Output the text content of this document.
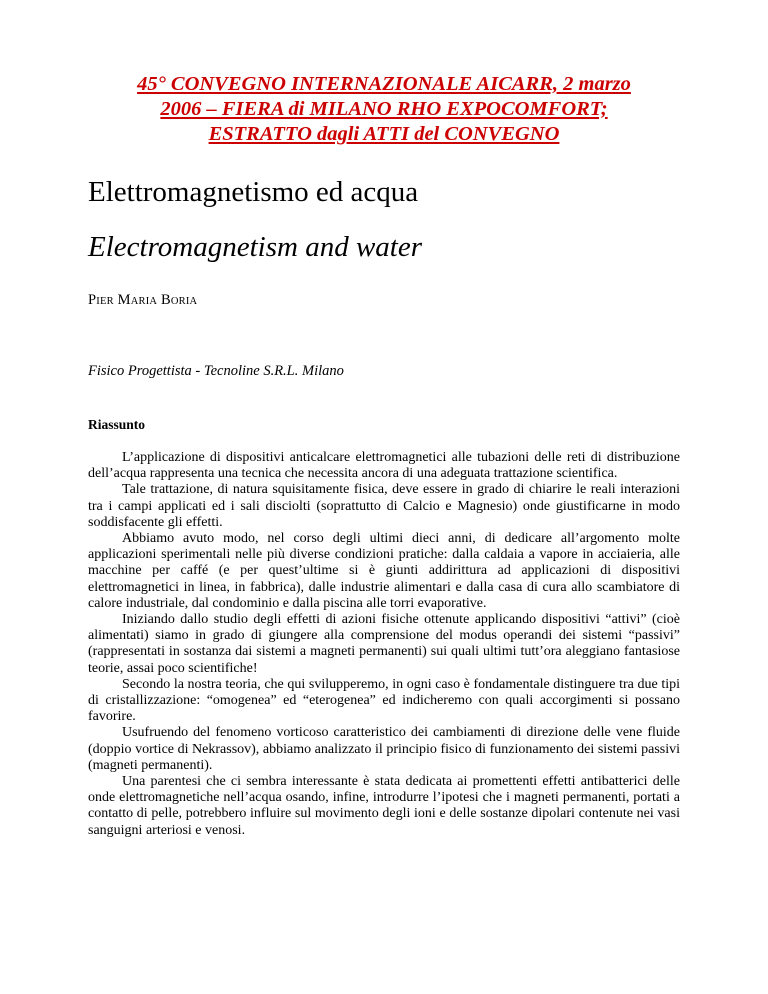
45° CONVEGNO INTERNAZIONALE AICARR, 2 marzo
2006 – FIERA di MILANO RHO EXPOCOMFORT;
ESTRATTO dagli ATTI del CONVEGNO
Elettromagnetismo ed acqua
Electromagnetism and water
PIER MARIA BORIA
Fisico Progettista - Tecnoline S.R.L. Milano
Riassunto

L’applicazione di dispositivi anticalcare elettromagnetici alle tubazioni delle reti di distribuzione dell’acqua rappresenta una tecnica che necessita ancora di una adeguata trattazione scientifica.

Tale trattazione, di natura squisitamente fisica, deve essere in grado di chiarire le reali interazioni tra i campi applicati ed i sali disciolti (soprattutto di Calcio e Magnesio) onde giustificarne in modo soddisfacente gli effetti.

Abbiamo avuto modo, nel corso degli ultimi dieci anni, di dedicare all’argomento molte applicazioni sperimentali nelle più diverse condizioni pratiche: dalla caldaia a vapore in acciaieria, alle macchine per caffé (e per quest’ultime si è giunti addirittura ad applicazioni di dispositivi elettromagnetici in linea, in fabbrica), dalle industrie alimentari e dalla casa di cura allo scambiatore di calore industriale, dal condominio e dalla piscina alle torri evaporative.

Iniziando dallo studio degli effetti di azioni fisiche ottenute applicando dispositivi “attivi” (cioè alimentati) siamo in grado di giungere alla comprensione del modus operandi dei sistemi “passivi” (rappresentati in sostanza dai sistemi a magneti permanenti) sui quali ultimi tutt’ora aleggiano fantasiose teorie, assai poco scientifiche!

Secondo la nostra teoria, che qui svilupperemo, in ogni caso è fondamentale distinguere tra due tipi di cristallizzazione: “omogenea” ed “eterogenea” ed indicheremo con quali accorgimenti si possano favorire.

Usufruendo del fenomeno vorticoso caratteristico dei cambiamenti di direzione delle vene fluide (doppio vortice di Nekrassov), abbiamo analizzato il principio fisico di funzionamento dei sistemi passivi (magneti permanenti).

Una parentesi che ci sembra interessante è stata dedicata ai promettenti effetti antibatterici delle onde elettromagnetiche nell’acqua osando, infine, introdurre l’ipotesi che i magneti permanenti, portati a contatto di pelle, potrebbero influire sul movimento degli ioni e delle sostanze dipolari contenute nei vasi sanguigni arteriosi e venosi.
